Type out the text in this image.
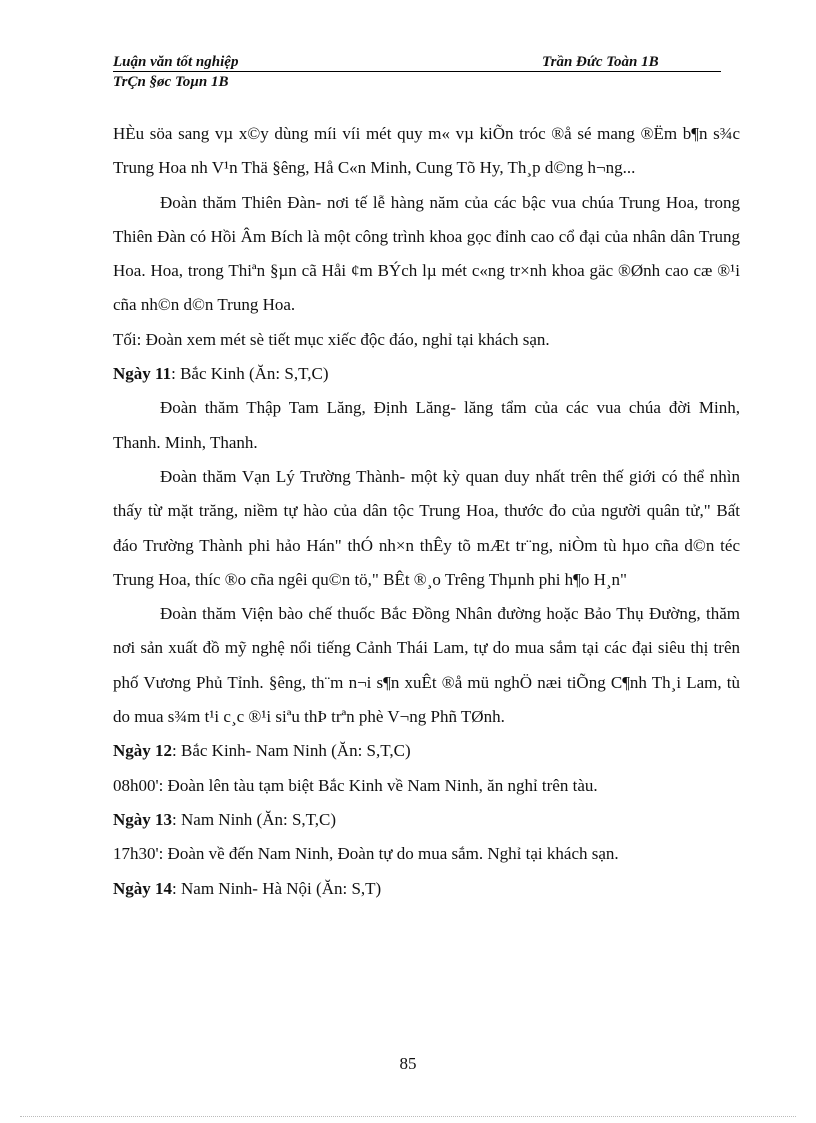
Luận văn tốt nghiệp	Trần Đức Toàn 1B
TrÇn §øc Toµn 1B

HÈu söa sang vµ x©y dùng míi víi mét quy m« vµ kiÕn tróc ®å sé mang ®Ëm b¶n s¾c Trung Hoa nh V¹n Thä §êng, Hå C«n Minh, Cung Tõ Hy, Th¸p d©ng h¬ng...

Đoàn thăm Thiên Đàn- nơi tế lễ hàng năm của các bậc vua chúa Trung Hoa, trong Thiên Đàn có Hồi Âm Bích là một công trình khoa gọc đỉnh cao cổ đại của nhân dân Trung Hoa. Hoa, trong Thiªn §µn cã Håi ¢m BÝch lµ mét c«ng tr×nh khoa gäc ®Ønh cao cæ ®¹i cña nh©n d©n Trung Hoa.

Tối: Đoàn xem mét sè tiết mục xiếc độc đáo, nghỉ tại khách sạn.

Ngày 11: Bắc Kinh (Ăn: S,T,C)

Đoàn thăm Thập Tam Lăng, Định Lăng- lăng tẩm của các vua chúa đời Minh, Thanh. Minh, Thanh.

Đoàn thăm Vạn Lý Trường Thành- một kỳ quan duy nhất trên thế giới có thể nhìn thấy từ mặt trăng, niềm tự hào của dân tộc Trung Hoa, thước đo của người quân tử," Bất đáo Trường Thành phi hảo Hán" thÓ nh×n thÊy tõ mÆt tr¨ng, niÒm tù hµo cña d©n téc Trung Hoa, thíc ®o cña ngêi qu©n tö," BÊt ®¸o Trêng Thµnh phi h¶o H¸n"

Đoàn thăm Viện bào chế thuốc Bắc Đồng Nhân đường hoặc Bảo Thụ Đường, thăm nơi sản xuất đồ mỹ nghệ nổi tiếng Cảnh Thái Lam, tự do mua sắm tại các đại siêu thị trên phố Vương Phủ Tỉnh. §êng, th¨m n¬i s¶n xuÊt ®å mü nghÖ næi tiÕng C¶nh Th¸i Lam, tù do mua s¾m t¹i c¸c ®¹i siªu thÞ trªn phè V¬ng Phñ TØnh.

Ngày 12: Bắc Kinh- Nam Ninh (Ăn: S,T,C)

08h00': Đoàn lên tàu tạm biệt Bắc Kinh về Nam Ninh, ăn nghỉ trên tàu.

Ngày 13: Nam Ninh (Ăn: S,T,C)

17h30': Đoàn về đến Nam Ninh, Đoàn tự do mua sắm. Nghỉ tại khách sạn.

Ngày 14: Nam Ninh- Hà Nội (Ăn: S,T)

85
